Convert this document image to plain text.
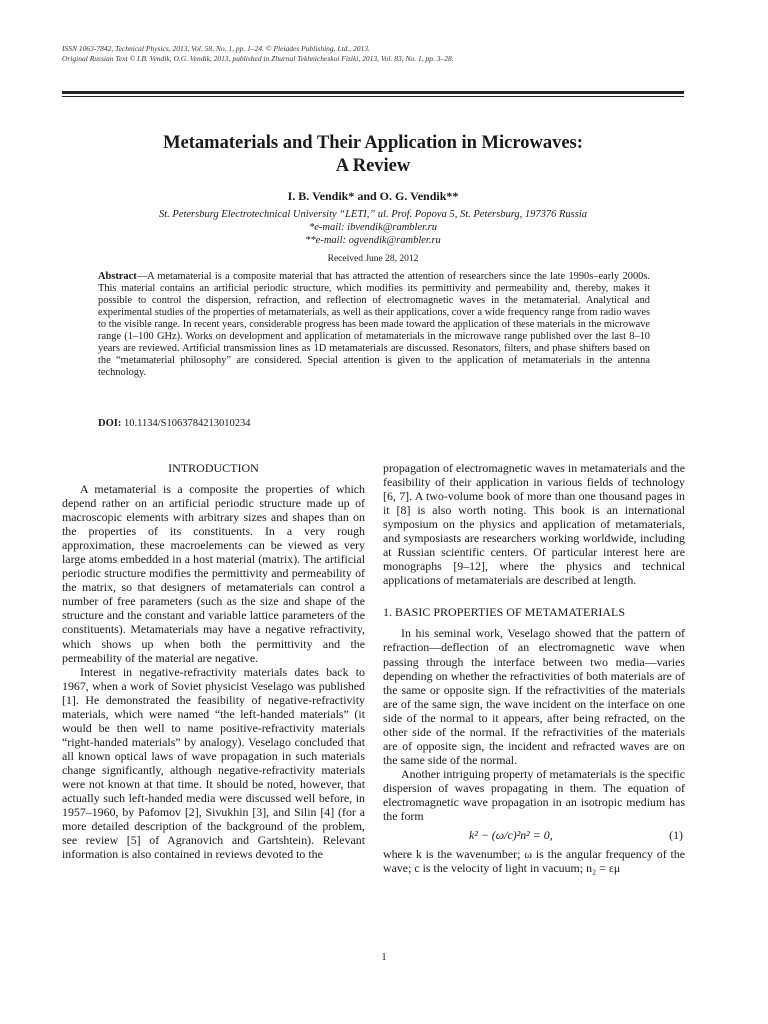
ISSN 1063-7842, Technical Physics, 2013, Vol. 58, No. 1, pp. 1–24. © Pleiades Publishing, Ltd., 2013.
Original Russian Text © I.B. Vendik, O.G. Vendik, 2013, published in Zhurnal Tekhnicheskoi Fiziki, 2013, Vol. 83, No. 1, pp. 3–28.
Metamaterials and Their Application in Microwaves:
A Review
I. B. Vendik* and O. G. Vendik**
St. Petersburg Electrotechnical University “LETI,” ul. Prof. Popova 5, St. Petersburg, 197376 Russia
*e-mail: ibvendik@rambler.ru
**e-mail: ogvendik@rambler.ru
Received June 28, 2012
Abstract—A metamaterial is a composite material that has attracted the attention of researchers since the late 1990s–early 2000s. This material contains an artificial periodic structure, which modifies its permittivity and permeability and, thereby, makes it possible to control the dispersion, refraction, and reflection of electromagnetic waves in the metamaterial. Analytical and experimental studies of the properties of metamaterials, as well as their applications, cover a wide frequency range from radio waves to the visible range. In recent years, considerable progress has been made toward the application of these materials in the microwave range (1–100 GHz). Works on development and application of metamaterials in the microwave range published over the last 8–10 years are reviewed. Artificial transmission lines as 1D metamaterials are discussed. Resonators, filters, and phase shifters based on the “metamaterial philosophy” are considered. Special attention is given to the application of metamaterials in the antenna technology.
DOI: 10.1134/S1063784213010234
INTRODUCTION

A metamaterial is a composite the properties of which depend rather on an artificial periodic structure made up of macroscopic elements with arbitrary sizes and shapes than on the properties of its constituents. In a very rough approximation, these macroelements can be viewed as very large atoms embedded in a host material (matrix). The artificial periodic structure modifies the permittivity and permeability of the matrix, so that designers of metamaterials can control a number of free parameters (such as the size and shape of the structure and the constant and variable lattice parameters of the constituents). Metamaterials may have a negative refractivity, which shows up when both the permittivity and the permeability of the material are negative.

Interest in negative-refractivity materials dates back to 1967, when a work of Soviet physicist Veselago was published [1]. He demonstrated the feasibility of negative-refractivity materials, which were named “the left-handed materials” (it would be then well to name positive-refractivity materials “right-handed materials” by analogy). Veselago concluded that all known optical laws of wave propagation in such materials change significantly, although negative-refractivity materials were not known at that time. It should be noted, however, that actually such left-handed media were discussed well before, in 1957–1960, by Pafomov [2], Sivukhin [3], and Silin [4] (for a more detailed description of the background of the problem, see review [5] of Agranovich and Gartshtein). Relevant information is also contained in reviews devoted to the

propagation of electromagnetic waves in metamaterials and the feasibility of their application in various fields of technology [6, 7]. A two-volume book of more than one thousand pages in it [8] is also worth noting. This book is an international symposium on the physics and application of metamaterials, and symposiasts are researchers working worldwide, including at Russian scientific centers. Of particular interest here are monographs [9–12], where the physics and technical applications of metamaterials are described at length.

1. BASIC PROPERTIES OF METAMATERIALS

In his seminal work, Veselago showed that the pattern of refraction—deflection of an electromagnetic wave when passing through the interface between two media—varies depending on whether the refractivities of both materials are of the same or opposite sign. If the refractivities of the materials are of the same sign, the wave incident on the interface on one side of the normal to it appears, after being refracted, on the other side of the normal. If the refractivities of the materials are of opposite sign, the incident and refracted waves are on the same side of the normal.

Another intriguing property of metamaterials is the specific dispersion of waves propagating in them. The equation of electromagnetic wave propagation in an isotropic medium has the form

k² − (ω/c)²n² = 0,	(1)

where k is the wavenumber; ω is the angular frequency of the wave; c is the velocity of light in vacuum; n₂ = εμ

1
